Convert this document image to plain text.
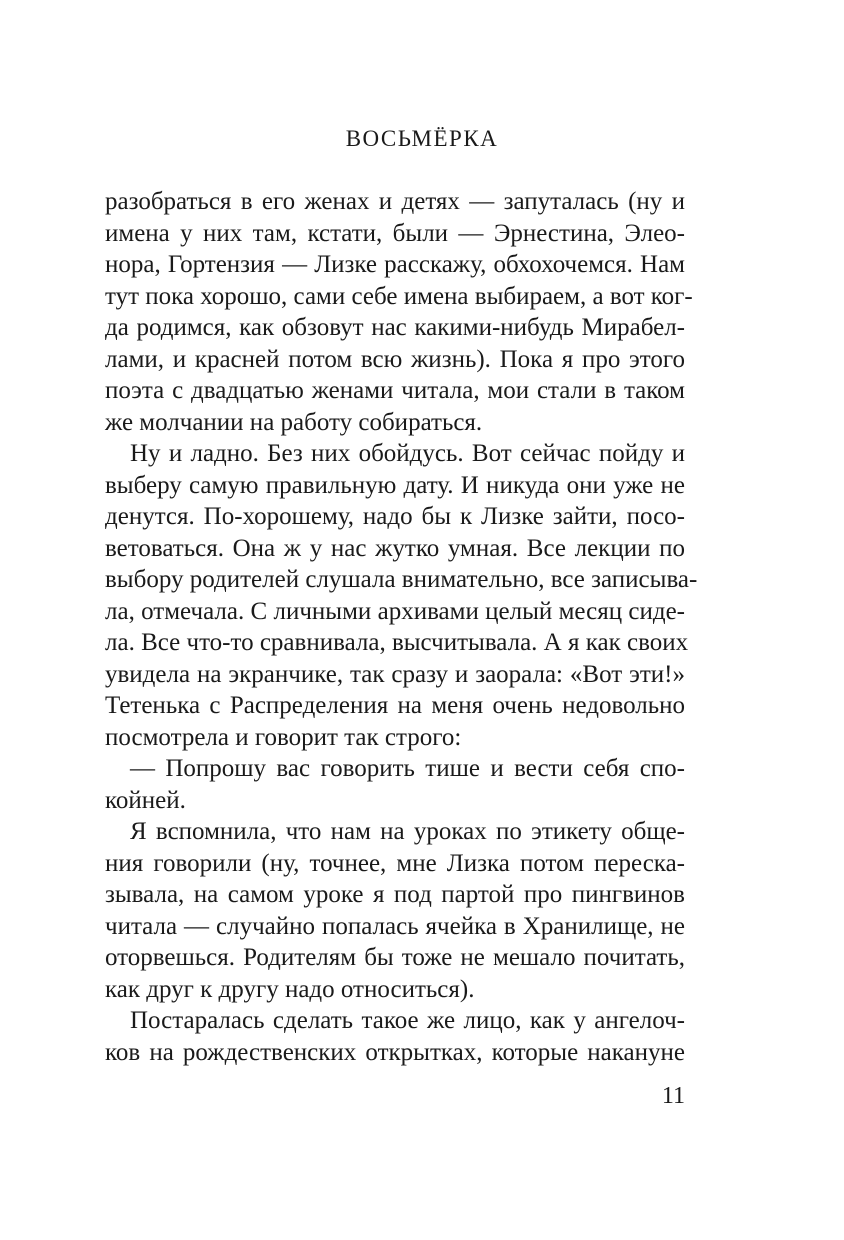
ВОСЬМЁРКА
разобраться в его женах и детях — запуталась (ну и
имена у них там, кстати, были — Эрнестина, Элео-
нора, Гортензия — Лизке расскажу, обхохочемся. Нам
тут пока хорошо, сами себе имена выбираем, а вот ког-
да родимся, как обзовут нас какими-нибудь Мирабел-
лами, и красней потом всю жизнь). Пока я про этого
поэта с двадцатью женами читала, мои стали в таком
же молчании на работу собираться.
Ну и ладно. Без них обойдусь. Вот сейчас пойду и
выберу самую правильную дату. И никуда они уже не
денутся. По-хорошему, надо бы к Лизке зайти, посо-
ветоваться. Она ж у нас жутко умная. Все лекции по
выбору родителей слушала внимательно, все записыва-
ла, отмечала. С личными архивами целый месяц сиде-
ла. Все что-то сравнивала, высчитывала. А я как своих
увидела на экранчике, так сразу и заорала: «Вот эти!»
Тетенька с Распределения на меня очень недовольно
посмотрела и говорит так строго:
— Попрошу вас говорить тише и вести себя спо-
койней.
Я вспомнила, что нам на уроках по этикету обще-
ния говорили (ну, точнее, мне Лизка потом переска-
зывала, на самом уроке я под партой про пингвинов
читала — случайно попалась ячейка в Хранилище, не
оторвешься. Родителям бы тоже не мешало почитать,
как друг к другу надо относиться).
Постаралась сделать такое же лицо, как у ангелоч-
ков на рождественских открытках, которые накануне
11
